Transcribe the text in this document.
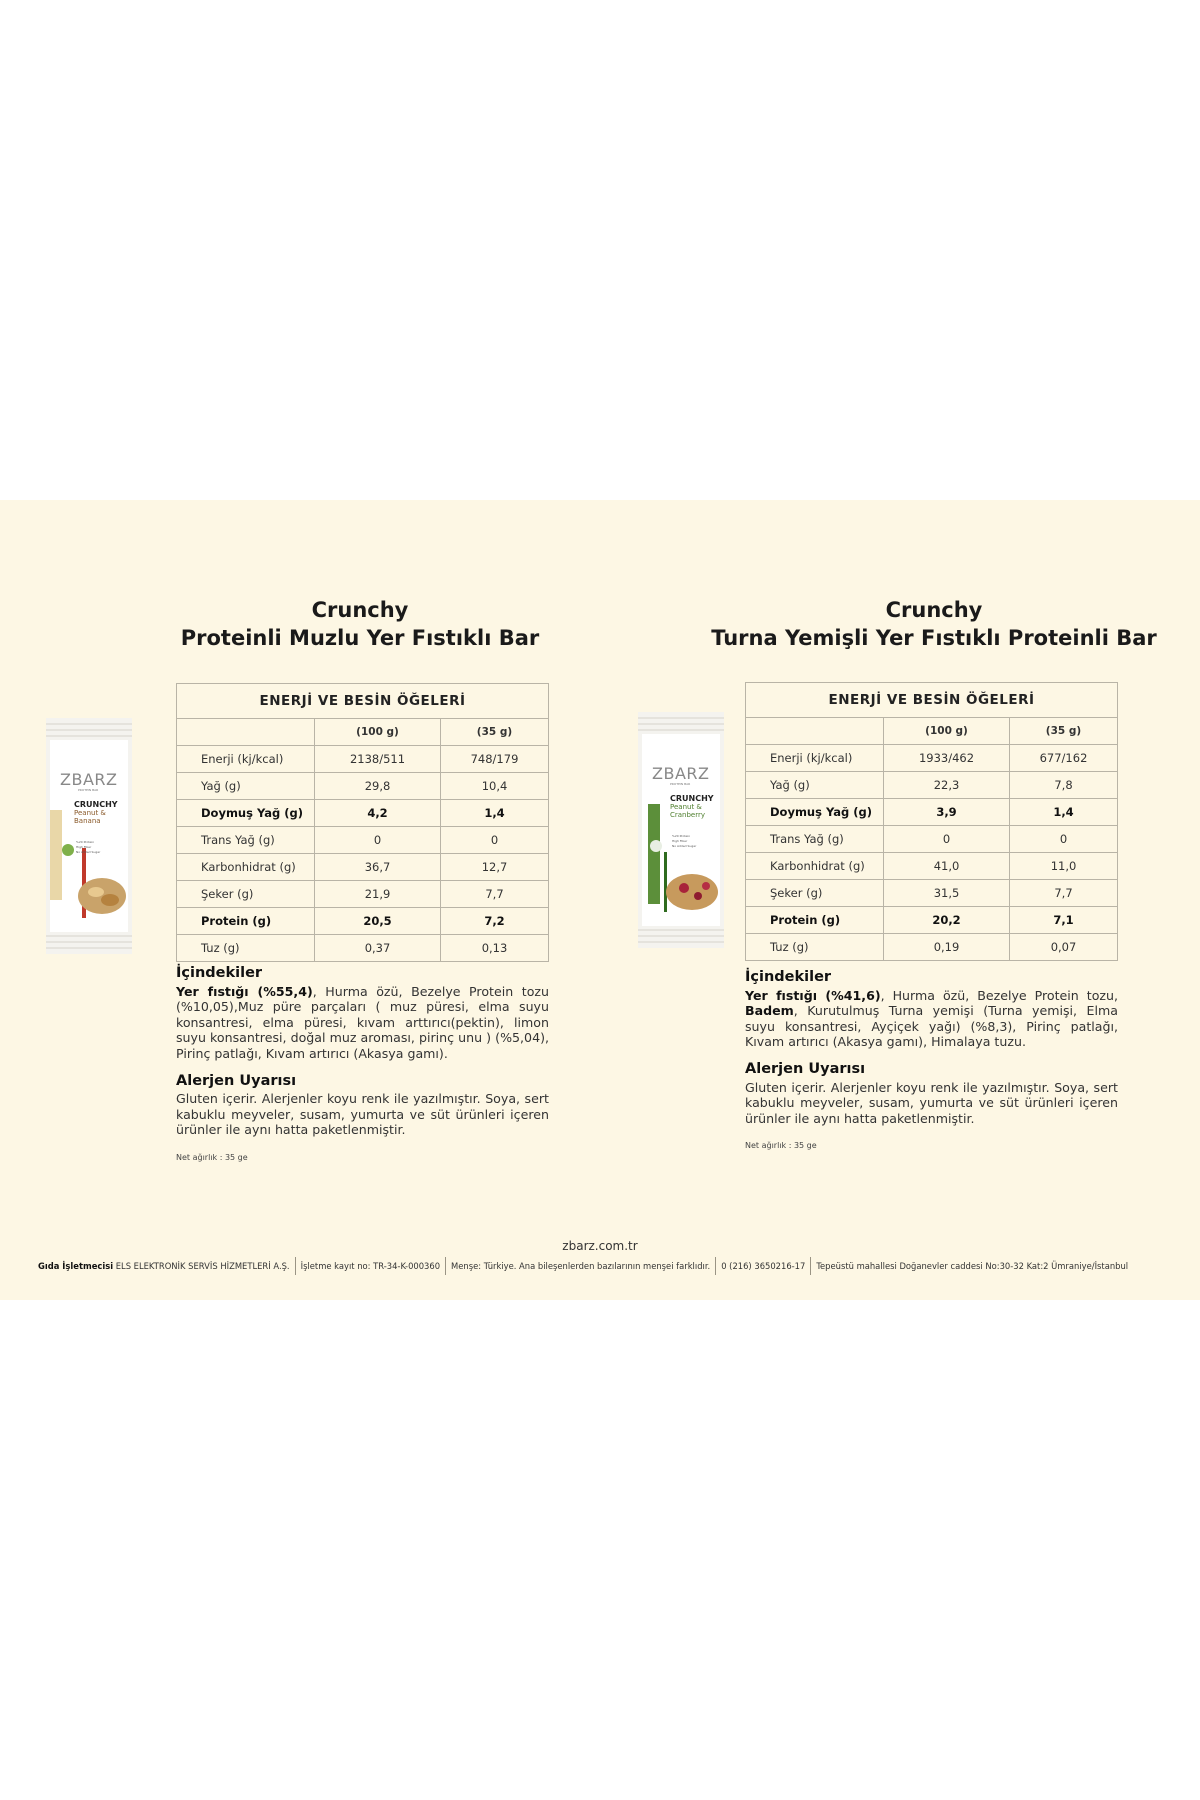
Crunchy
Proteinli Muzlu Yer Fıstıklı Bar
ZBARZ
PROTEIN BAR
CRUNCHY
Peanut &
Banana
%20 Protein
High Fiber
No Added Sugar
ENERJİ VE BESİN ÖĞELERİ		
	(100 g)	(35 g)
Enerji (kj/kcal)	2138/511	748/179
Yağ (g)	29,8	10,4
Doymuş Yağ (g)	4,2	1,4
Trans Yağ (g)	0	0
Karbonhidrat (g)	36,7	12,7
Şeker (g)	21,9	7,7
Protein (g)	20,5	7,2
Tuz (g)	0,37	0,13
İçindekiler

Yer fıstığı (%55,4), Hurma özü, Bezelye Protein tozu (%10,05),Muz püre parçaları ( muz püresi, elma suyu konsantresi, elma püresi, kıvam arttırıcı(pektin), limon suyu konsantresi, doğal muz aroması, pirinç unu ) (%5,04), Pirinç patlağı, Kıvam artırıcı (Akasya gamı).

Alerjen Uyarısı

Gluten içerir. Alerjenler koyu renk ile yazılmıştır. Soya, sert kabuklu meyveler, susam, yumurta ve süt ürünleri içeren ürünler ile aynı hatta paketlenmiştir.

Net ağırlık : 35 ge
Crunchy
Turna Yemişli Yer Fıstıklı Proteinli Bar
ZBARZ
PROTEIN BAR
CRUNCHY
Peanut &
Cranberry
%20 Protein
High Fiber
No Added Sugar
ENERJİ VE BESİN ÖĞELERİ		
	(100 g)	(35 g)
Enerji (kj/kcal)	1933/462	677/162
Yağ (g)	22,3	7,8
Doymuş Yağ (g)	3,9	1,4
Trans Yağ (g)	0	0
Karbonhidrat (g)	41,0	11,0
Şeker (g)	31,5	7,7
Protein (g)	20,2	7,1
Tuz (g)	0,19	0,07
İçindekiler

Yer fıstığı (%41,6), Hurma özü, Bezelye Protein tozu, Badem, Kurutulmuş Turna yemişi (Turna yemişi, Elma suyu konsantresi, Ayçiçek yağı) (%8,3), Pirinç patlağı, Kıvam artırıcı (Akasya gamı), Himalaya tuzu.

Alerjen Uyarısı

Gluten içerir. Alerjenler koyu renk ile yazılmıştır. Soya, sert kabuklu meyveler, susam, yumurta ve süt ürünleri içeren ürünler ile aynı hatta paketlenmiştir.

Net ağırlık : 35 ge
zbarz.com.tr
Gıda İşletmecisi ELS ELEKTRONİK SERVİS HİZMETLERİ A.Ş.	İşletme kayıt no: TR-34-K-000360	Menşe: Türkiye. Ana bileşenlerden bazılarının menşei farklıdır.	0 (216) 3650216-17	Tepeüstü mahallesi Doğanevler caddesi No:30-32 Kat:2 Ümraniye/İstanbul
